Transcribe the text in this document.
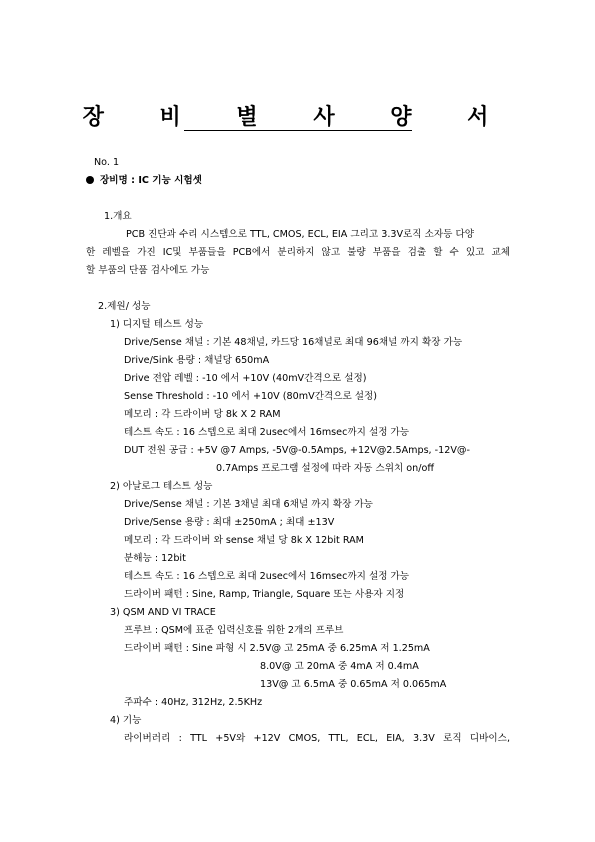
장 비 별 사 양 서
No. 1
장비명 : IC 기능 시험셋
1.개요
PCB 진단과 수리 시스템으로 TTL, CMOS, ECL, EIA 그리고 3.3V로직 소자등 다양
한 레벨을 가진 IC및 부품들을 PCB에서 분리하지 않고 불량 부품을 검출 할 수 있고 교체
할 부품의 단품 검사에도 가능
2.제원/ 성능
1) 디지털 테스트 성능
Drive/Sense 채널 : 기본 48채널, 카드당 16채널로 최대 96채널 까지 확장 가능
Drive/Sink 용량 : 채널당 650mA
Drive 전압 레벨 : -10 에서 +10V (40mV간격으로 설정)
Sense Threshold : -10 에서 +10V (80mV간격으로 설정)
메모리 : 각 드라이버 당 8k X 2 RAM
테스트 속도 : 16 스텝으로 최대 2usec에서 16msec까지 설정 가능
DUT 전원 공급 : +5V @7 Amps, -5V@-0.5Amps, +12V@2.5Amps, -12V@-
0.7Amps 프로그램 설정에 따라 자동 스위치 on/off
2) 아날로그 테스트 성능
Drive/Sense 채널 : 기본 3채널 최대 6채널 까지 확장 가능
Drive/Sense 용량 : 최대 ±250mA ; 최대 ±13V
메모리 : 각 드라이버 와 sense 채널 당 8k X 12bit RAM
분해능 : 12bit
테스트 속도 : 16 스텝으로 최대 2usec에서 16msec까지 설정 가능
드라이버 패턴 : Sine, Ramp, Triangle, Square 또는 사용자 지정
3) QSM AND VI TRACE
프루브 : QSM에 표준 입력신호를 위한 2개의 프루브
드라이버 패턴 : Sine 파형 시 2.5V@ 고 25mA 중 6.25mA 저 1.25mA
8.0V@ 고 20mA 중 4mA 저 0.4mA
13V@ 고 6.5mA 중 0.65mA 저 0.065mA
주파수 : 40Hz, 312Hz, 2.5KHz
4) 기능
라이버러리 : TTL +5V와 +12V CMOS, TTL, ECL, EIA, 3.3V 로직 디바이스,
